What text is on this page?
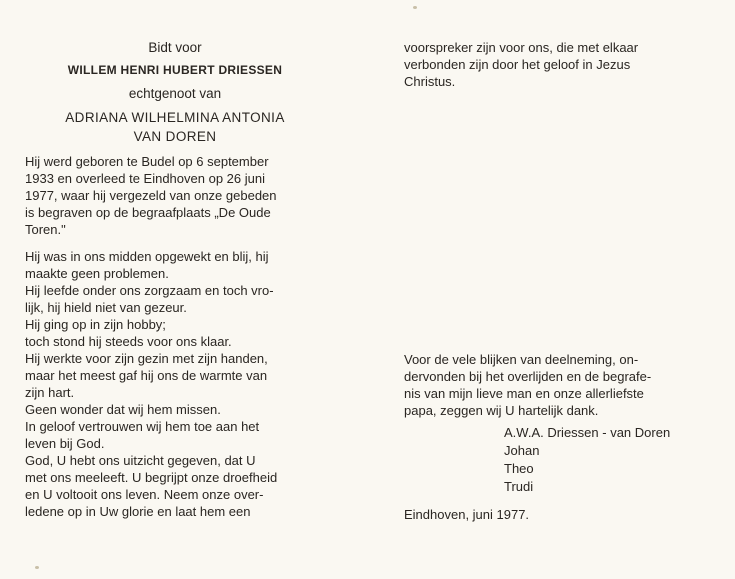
Bidt voor

WILLEM HENRI HUBERT DRIESSEN

echtgenoot van

ADRIANA WILHELMINA ANTONIA

VAN DOREN

Hij werd geboren te Budel op 6 september

1933 en overleed te Eindhoven op 26 juni

1977, waar hij vergezeld van onze gebeden

is begraven op de begraafplaats „De Oude

Toren."

Hij was in ons midden opgewekt en blij, hij

maakte geen problemen.

Hij leefde onder ons zorgzaam en toch vro-

lijk, hij hield niet van gezeur.

Hij ging op in zijn hobby;

toch stond hij steeds voor ons klaar.

Hij werkte voor zijn gezin met zijn handen,

maar het meest gaf hij ons de warmte van

zijn hart.

Geen wonder dat wij hem missen.

In geloof vertrouwen wij hem toe aan het

leven bij God.

God, U hebt ons uitzicht gegeven, dat U

met ons meeleeft. U begrijpt onze droefheid

en U voltooit ons leven. Neem onze over-

ledene op in Uw glorie en laat hem een

voorspreker zijn voor ons, die met elkaar

verbonden zijn door het geloof in Jezus

Christus.

Voor de vele blijken van deelneming, on-

dervonden bij het overlijden en de begrafe-

nis van mijn lieve man en onze allerliefste

papa, zeggen wij U hartelijk dank.

A.W.A. Driessen - van Doren
Johan
Theo
Trudi

Eindhoven, juni 1977.
